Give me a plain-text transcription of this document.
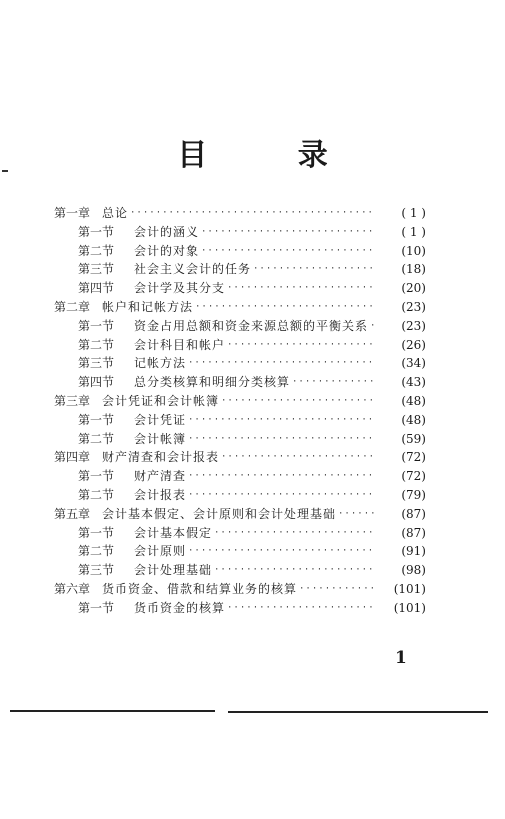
目 录
第一章 总论 ·····	( 1 )
第一节	会计的涵义 ·····	( 1 )
第二节	会计的对象 ·····	(10)
第三节	社会主义会计的任务 ·····	(18)
第四节	会计学及其分支 ·····	(20)
第二章 帐户和记帐方法 ·····	(23)
第一节	资金占用总额和资金来源总额的平衡关系 ·····	(23)
第二节	会计科目和帐户 ·····	(26)
第三节	记帐方法 ·····	(34)
第四节	总分类核算和明细分类核算 ·····	(43)
第三章 会计凭证和会计帐簿 ·····	(48)
第一节	会计凭证 ·····	(48)
第二节	会计帐簿 ·····	(59)
第四章 财产清查和会计报表 ·····	(72)
第一节	财产清查 ·····	(72)
第二节	会计报表 ·····	(79)
第五章 会计基本假定、会计原则和会计处理基础 ·····	(87)
第一节	会计基本假定 ·····	(87)
第二节	会计原则 ·····	(91)
第三节	会计处理基础 ·····	(98)
第六章 货币资金、借款和结算业务的核算 ·····	(101)
第一节	货币资金的核算 ·····	(101)
1
